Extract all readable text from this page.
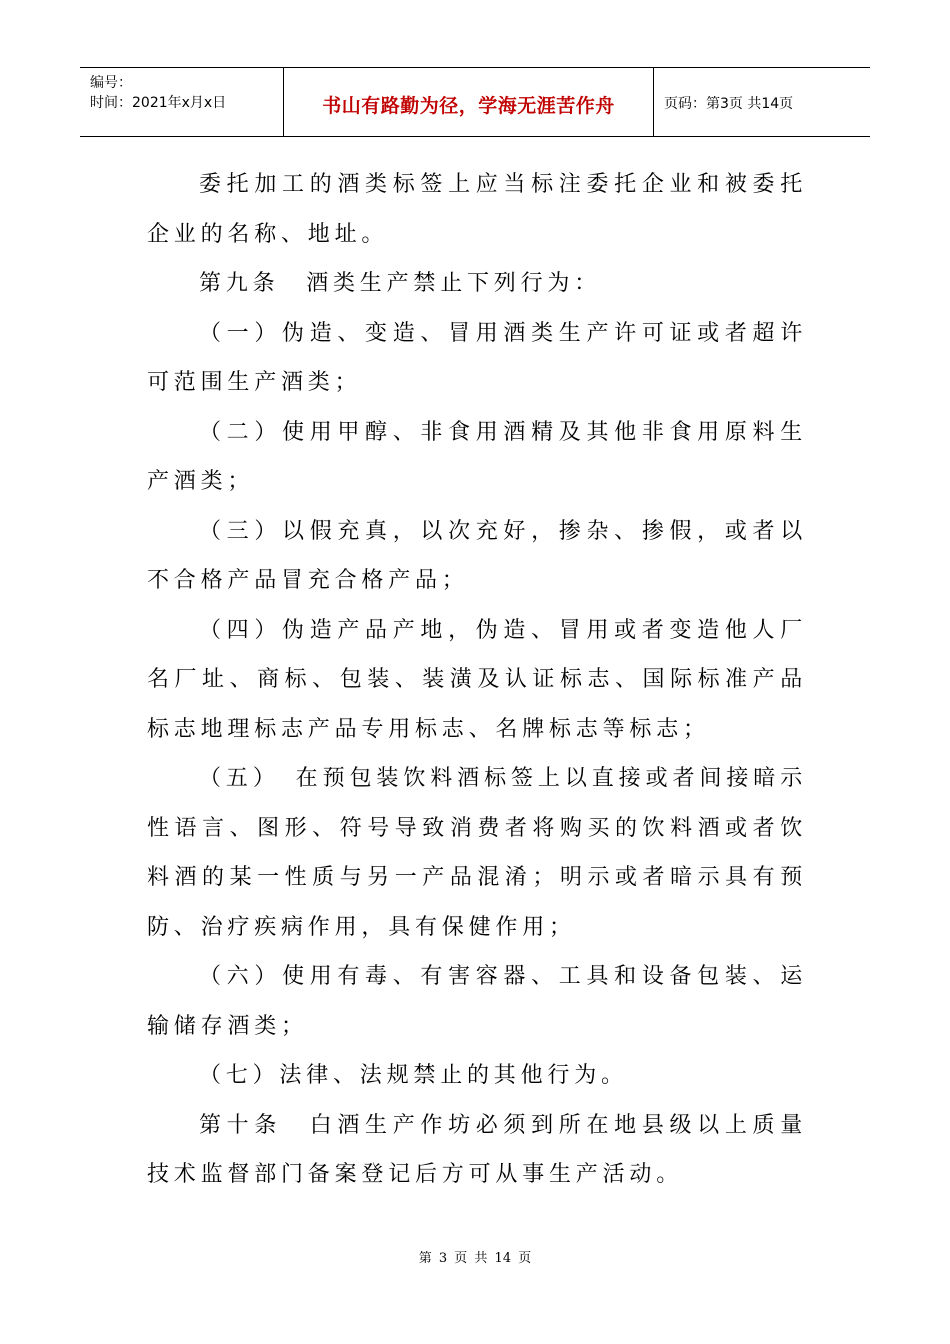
编号：
时间：2021年x月x日	书山有路勤为径，学海无涯苦作舟	页码：第3页 共14页

委托加工的酒类标签上应当标注委托企业和被委托企业的名称、地址。

第九条　酒类生产禁止下列行为：

（一）伪造、变造、冒用酒类生产许可证或者超许可范围生产酒类；

（二）使用甲醇、非食用酒精及其他非食用原料生产酒类；

（三）以假充真，以次充好，掺杂、掺假，或者以不合格产品冒充合格产品；

（四）伪造产品产地，伪造、冒用或者变造他人厂名厂址、商标、包装、装潢及认证标志、国际标准产品标志地理标志产品专用标志、名牌标志等标志；

（五）　在预包装饮料酒标签上以直接或者间接暗示性语言、图形、符号导致消费者将购买的饮料酒或者饮料酒的某一性质与另一产品混淆；明示或者暗示具有预防、治疗疾病作用，具有保健作用；

（六）使用有毒、有害容器、工具和设备包装、运输储存酒类；

（七）法律、法规禁止的其他行为。

第十条　白酒生产作坊必须到所在地县级以上质量技术监督部门备案登记后方可从事生产活动。

第 3 页 共 14 页
